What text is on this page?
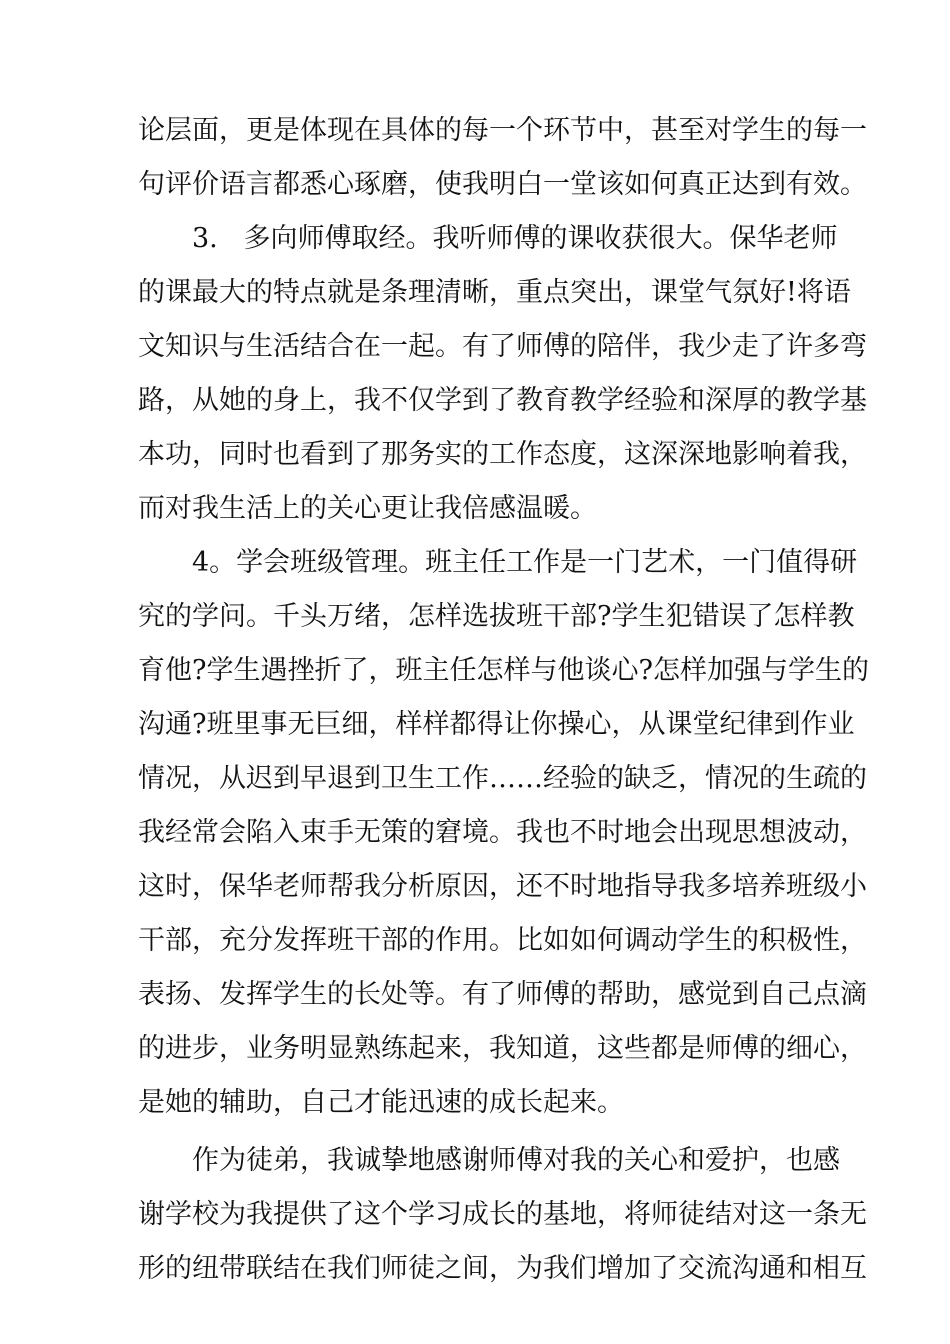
论层面，更是体现在具体的每一个环节中，甚至对学生的每一

句评价语言都悉心琢磨，使我明白一堂该如何真正达到有效。

3.   多向师傅取经。我听师傅的课收获很大。保华老师

的课最大的特点就是条理清晰，重点突出，课堂气氛好!将语

文知识与生活结合在一起。有了师傅的陪伴，我少走了许多弯

路，从她的身上，我不仅学到了教育教学经验和深厚的教学基

本功，同时也看到了那务实的工作态度，这深深地影响着我，

而对我生活上的关心更让我倍感温暖。

4。学会班级管理。班主任工作是一门艺术，一门值得研

究的学问。千头万绪，怎样选拔班干部?学生犯错误了怎样教

育他?学生遇挫折了，班主任怎样与他谈心?怎样加强与学生的

沟通?班里事无巨细，样样都得让你操心，从课堂纪律到作业

情况，从迟到早退到卫生工作……经验的缺乏，情况的生疏的

我经常会陷入束手无策的窘境。我也不时地会出现思想波动，

这时，保华老师帮我分析原因，还不时地指导我多培养班级小

干部，充分发挥班干部的作用。比如如何调动学生的积极性，

表扬、发挥学生的长处等。有了师傅的帮助，感觉到自己点滴

的进步，业务明显熟练起来，我知道，这些都是师傅的细心，

是她的辅助，自己才能迅速的成长起来。

作为徒弟，我诚挚地感谢师傅对我的关心和爱护，也感

谢学校为我提供了这个学习成长的基地，将师徒结对这一条无

形的纽带联结在我们师徒之间，为我们增加了交流沟通和相互
